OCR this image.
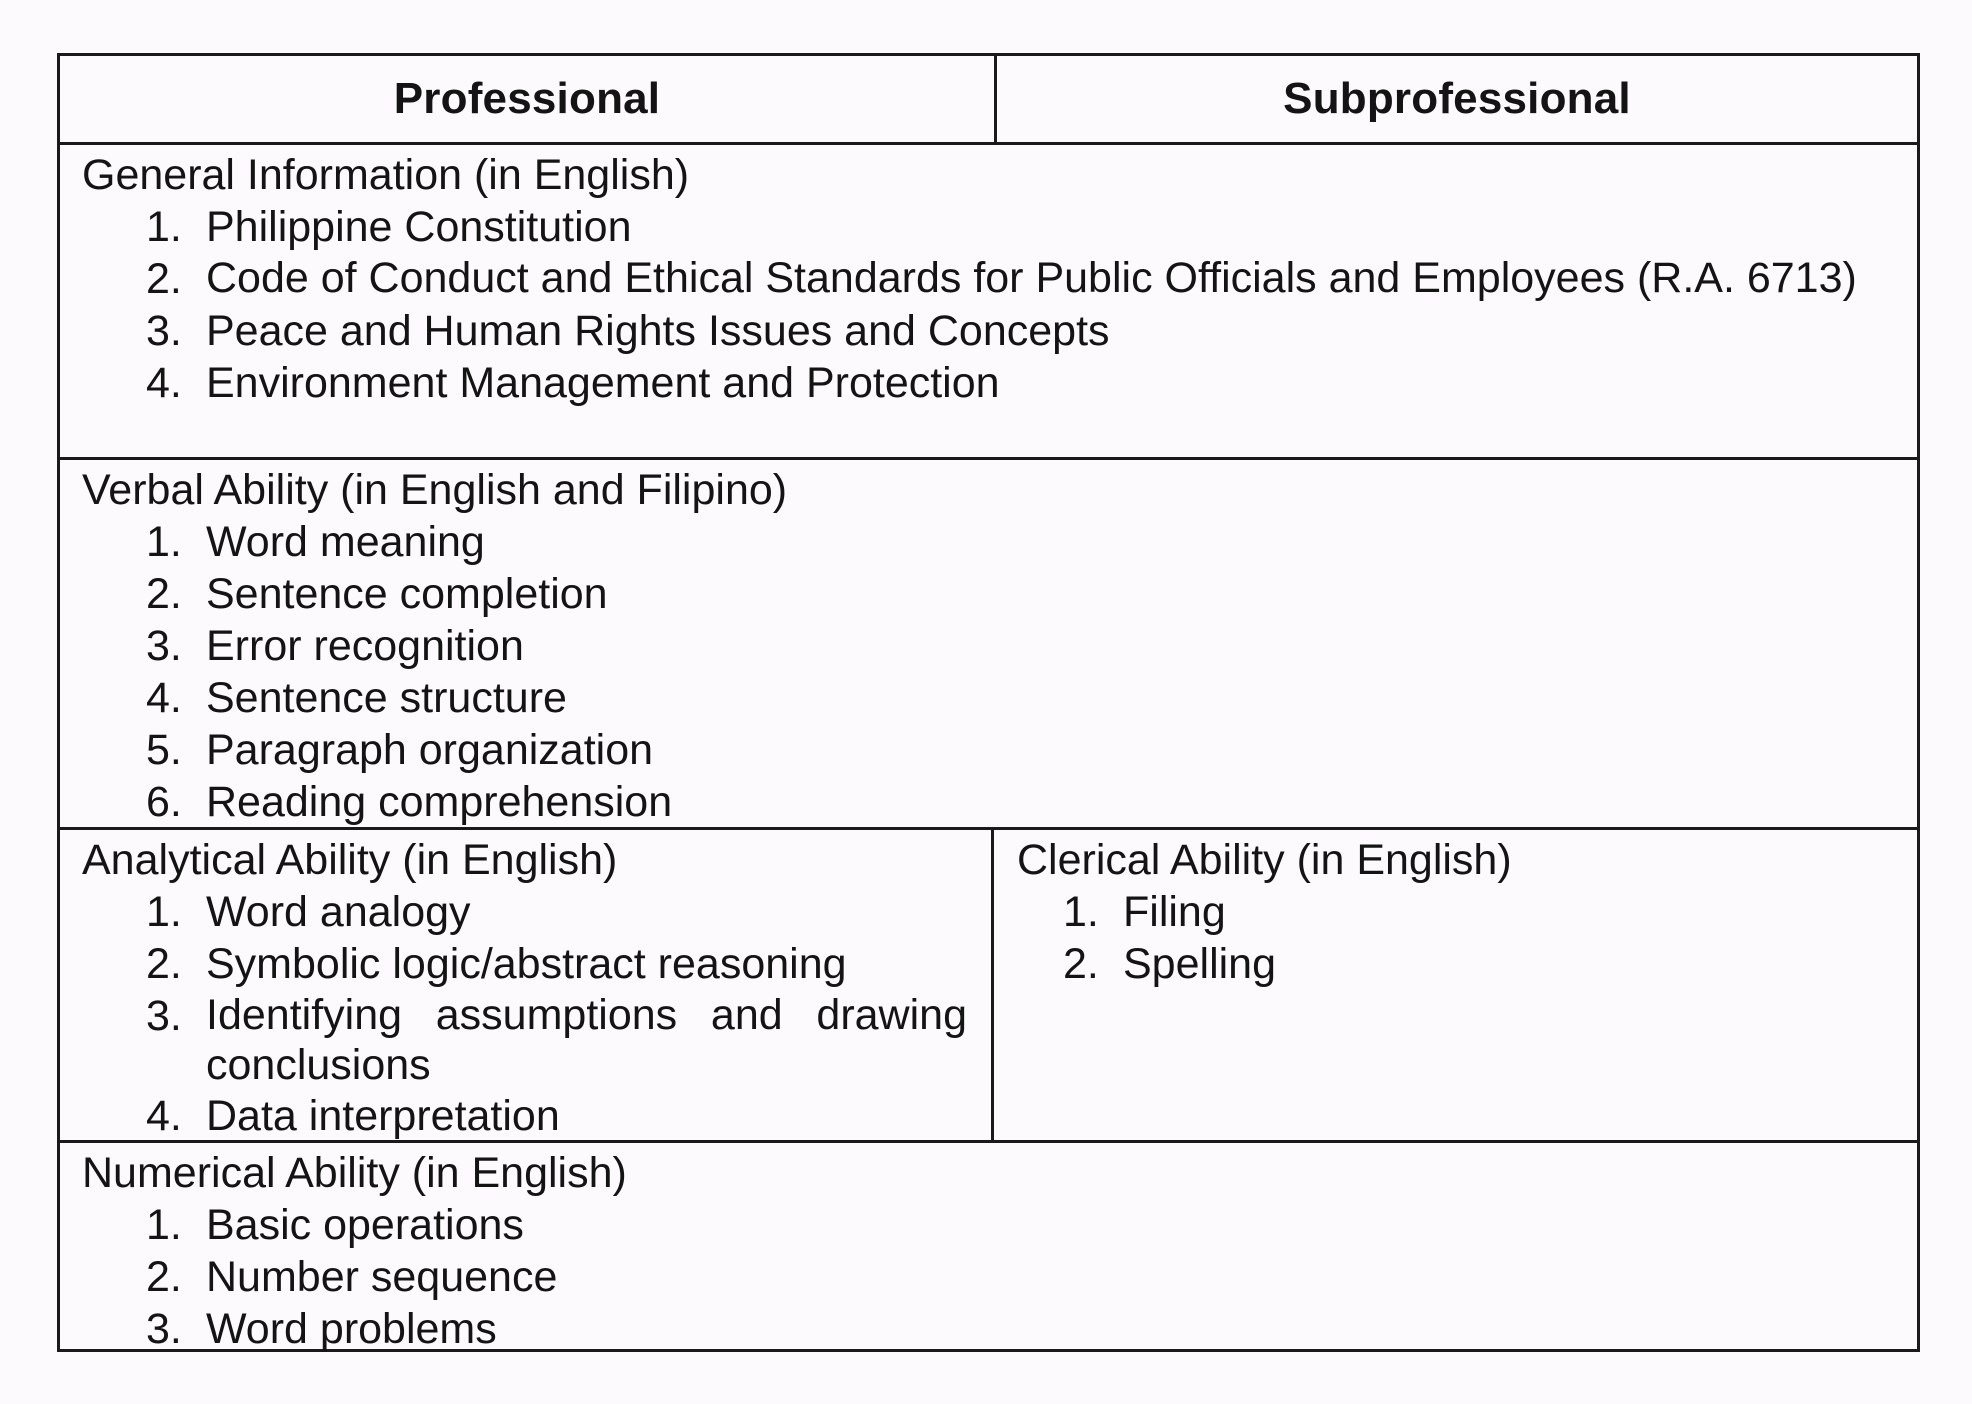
Professional	Subprofessional
General Information (in English)
1. Philippine Constitution
2. Code of Conduct and Ethical Standards for Public Officials and Employees (R.A. 6713)
3. Peace and Human Rights Issues and Concepts
4. Environment Management and Protection
Verbal Ability (in English and Filipino)
1. Word meaning
2. Sentence completion
3. Error recognition
4. Sentence structure
5. Paragraph organization
6. Reading comprehension
Analytical Ability (in English)
1. Word analogy
2. Symbolic logic/abstract reasoning
3. Identifying assumptions and drawing conclusions
4. Data interpretation
Clerical Ability (in English)
1. Filing
2. Spelling
Numerical Ability (in English)
1. Basic operations
2. Number sequence
3. Word problems
